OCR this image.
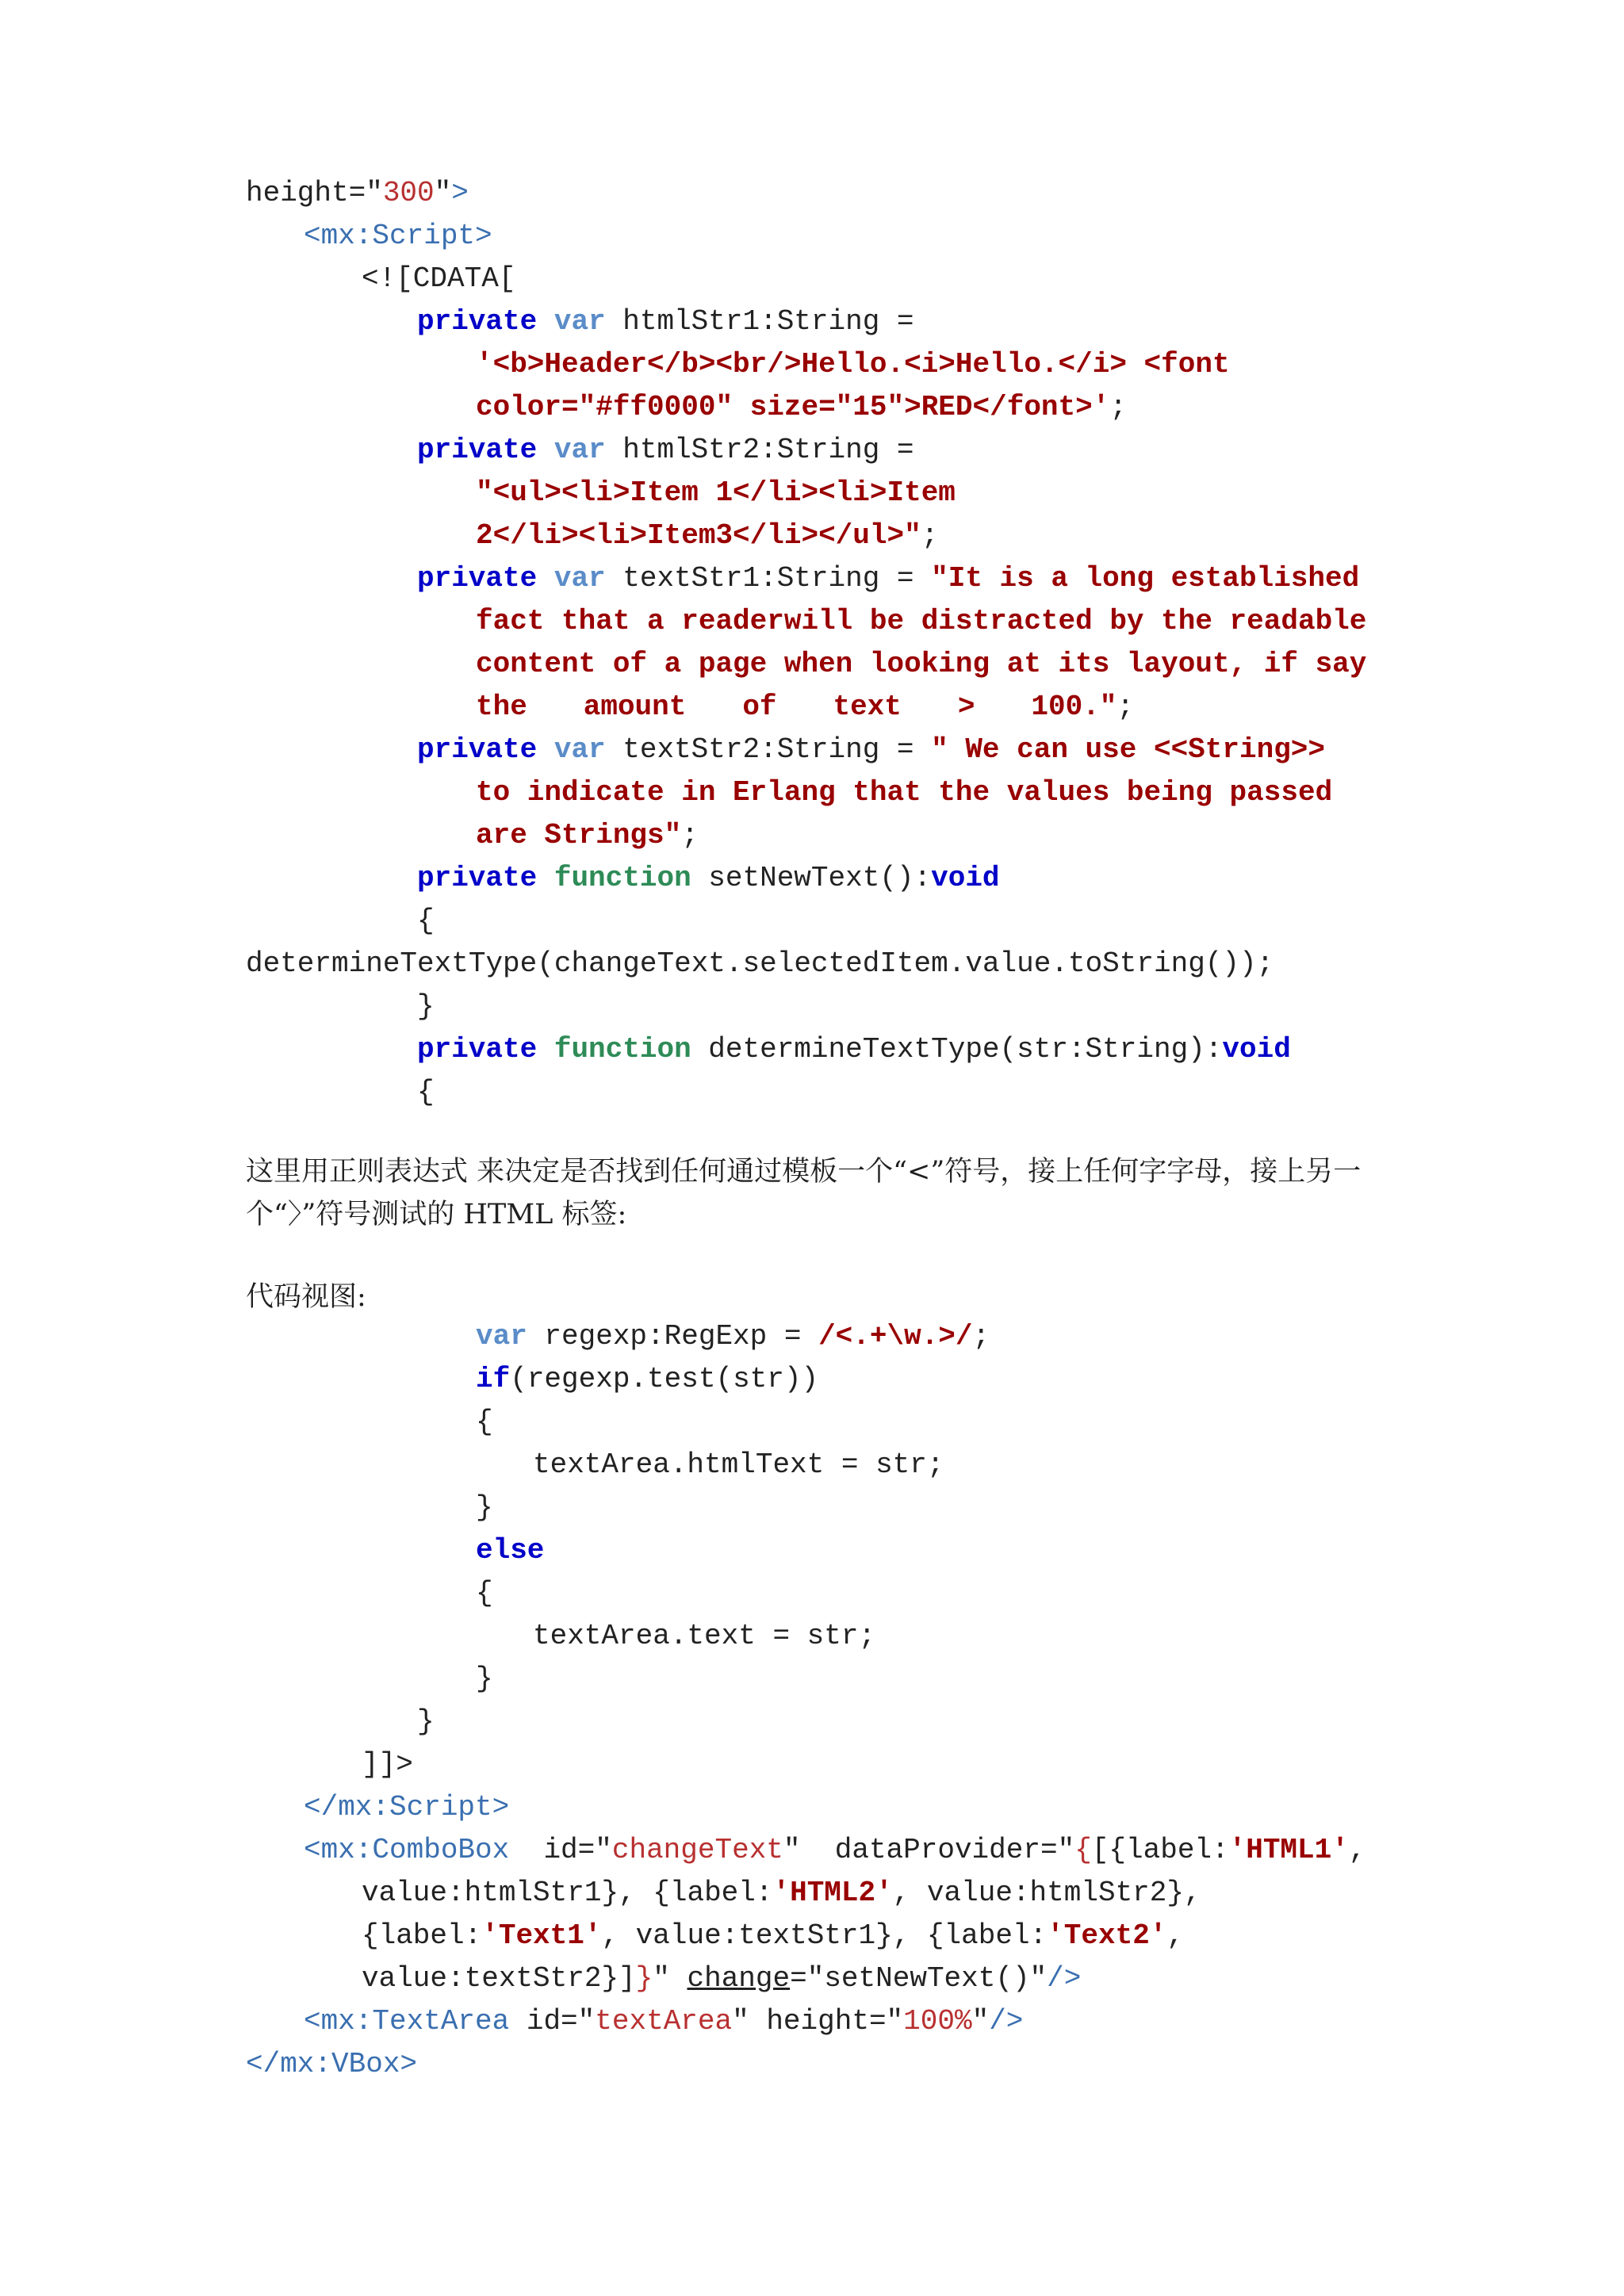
height="300">
<mx:Script>
<![CDATA[
private var htmlStr1:String =
'<b>Header</b><br/>Hello.<i>Hello.</i> <font
color="#ff0000" size="15">RED</font>';
private var htmlStr2:String =
"<ul><li>Item 1</li><li>Item
2</li><li>Item3</li></ul>";
private var textStr1:String = "It is a long established
fact that a readerwill be distracted by the readable
content of a page when looking at its layout, if say
the amount of text > 100.";
private var textStr2:String = " We can use <<String>>
to indicate in Erlang that the values being passed
are Strings";
private function setNewText():void
{
determineTextType(changeText.selectedItem.value.toString());
}
private function determineTextType(str:String):void
{
这里用正则表达式 来决定是否找到任何通过模板一个“<”符号，接上任何字字母，接上另一
个“〉”符号测试的 HTML 标签:
代码视图:
var regexp:RegExp = /<.+\w.>/;
if(regexp.test(str))
{
textArea.htmlText = str;
}
else
{
textArea.text = str;
}
}
]]>
</mx:Script>
<mx:ComboBox  id="changeText"  dataProvider="{[{label:'HTML1',
value:htmlStr1}, {label:'HTML2', value:htmlStr2},
{label:'Text1', value:textStr1}, {label:'Text2',
value:textStr2}]}" change="setNewText()"/>
<mx:TextArea id="textArea" height="100%"/>
</mx:VBox>
